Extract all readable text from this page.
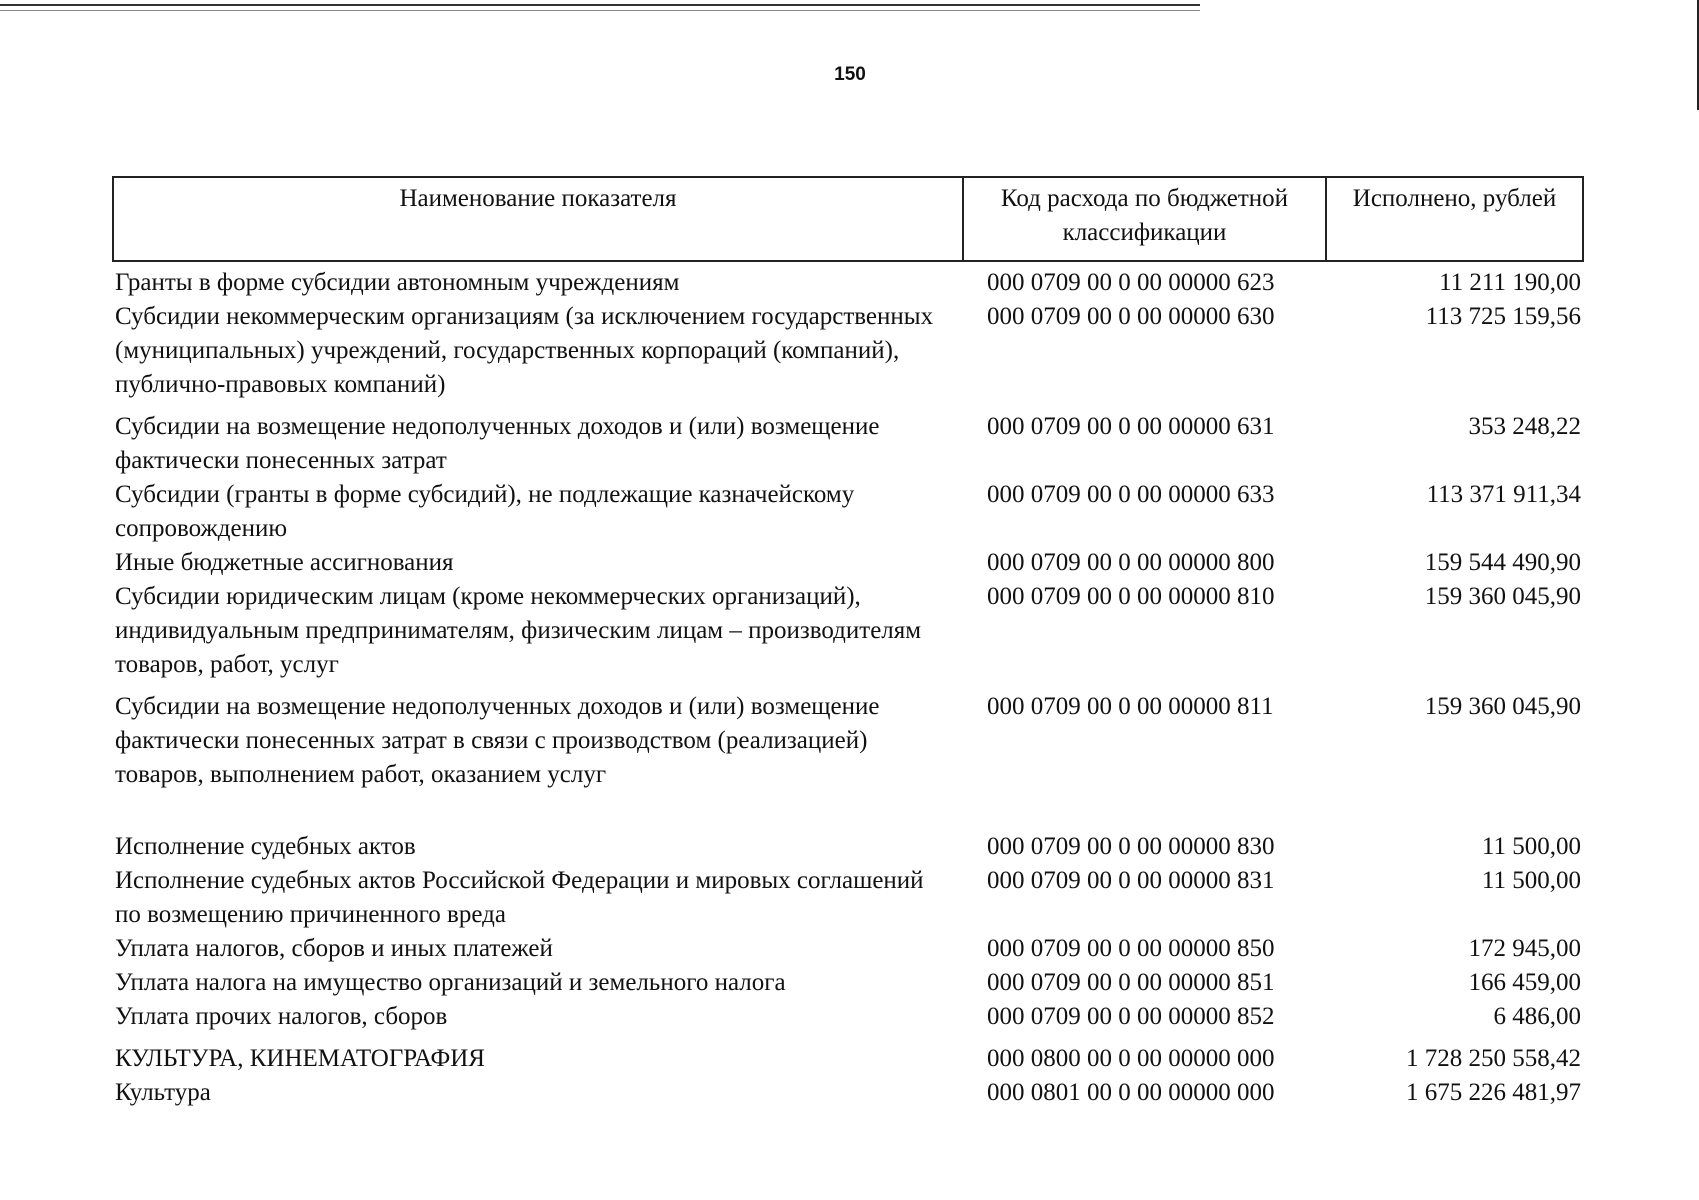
150
Наименование показателя	Код расхода по бюджетной классификации	Исполнено, рублей
Гранты в форме субсидии автономным учреждениям	000 0709 00 0 00 00000 623	11 211 190,00
Субсидии некоммерческим организациям (за исключением государственных (муниципальных) учреждений, государственных корпораций (компаний), публично-правовых компаний)	000 0709 00 0 00 00000 630	113 725 159,56
Субсидии на возмещение недополученных доходов и (или) возмещение фактически понесенных затрат	000 0709 00 0 00 00000 631	353 248,22
Субсидии (гранты в форме субсидий), не подлежащие казначейскому сопровождению	000 0709 00 0 00 00000 633	113 371 911,34
Иные бюджетные ассигнования	000 0709 00 0 00 00000 800	159 544 490,90
Субсидии юридическим лицам (кроме некоммерческих организаций), индивидуальным предпринимателям, физическим лицам – производителям товаров, работ, услуг	000 0709 00 0 00 00000 810	159 360 045,90
Субсидии на возмещение недополученных доходов и (или) возмещение фактически понесенных затрат в связи с производством (реализацией) товаров, выполнением работ, оказанием услуг	000 0709 00 0 00 00000 811	159 360 045,90
Исполнение судебных актов	000 0709 00 0 00 00000 830	11 500,00
Исполнение судебных актов Российской Федерации и мировых соглашений по возмещению причиненного вреда	000 0709 00 0 00 00000 831	11 500,00
Уплата налогов, сборов и иных платежей	000 0709 00 0 00 00000 850	172 945,00
Уплата налога на имущество организаций и земельного налога	000 0709 00 0 00 00000 851	166 459,00
Уплата прочих налогов, сборов	000 0709 00 0 00 00000 852	6 486,00
КУЛЬТУРА, КИНЕМАТОГРАФИЯ	000 0800 00 0 00 00000 000	1 728 250 558,42
Культура	000 0801 00 0 00 00000 000	1 675 226 481,97
